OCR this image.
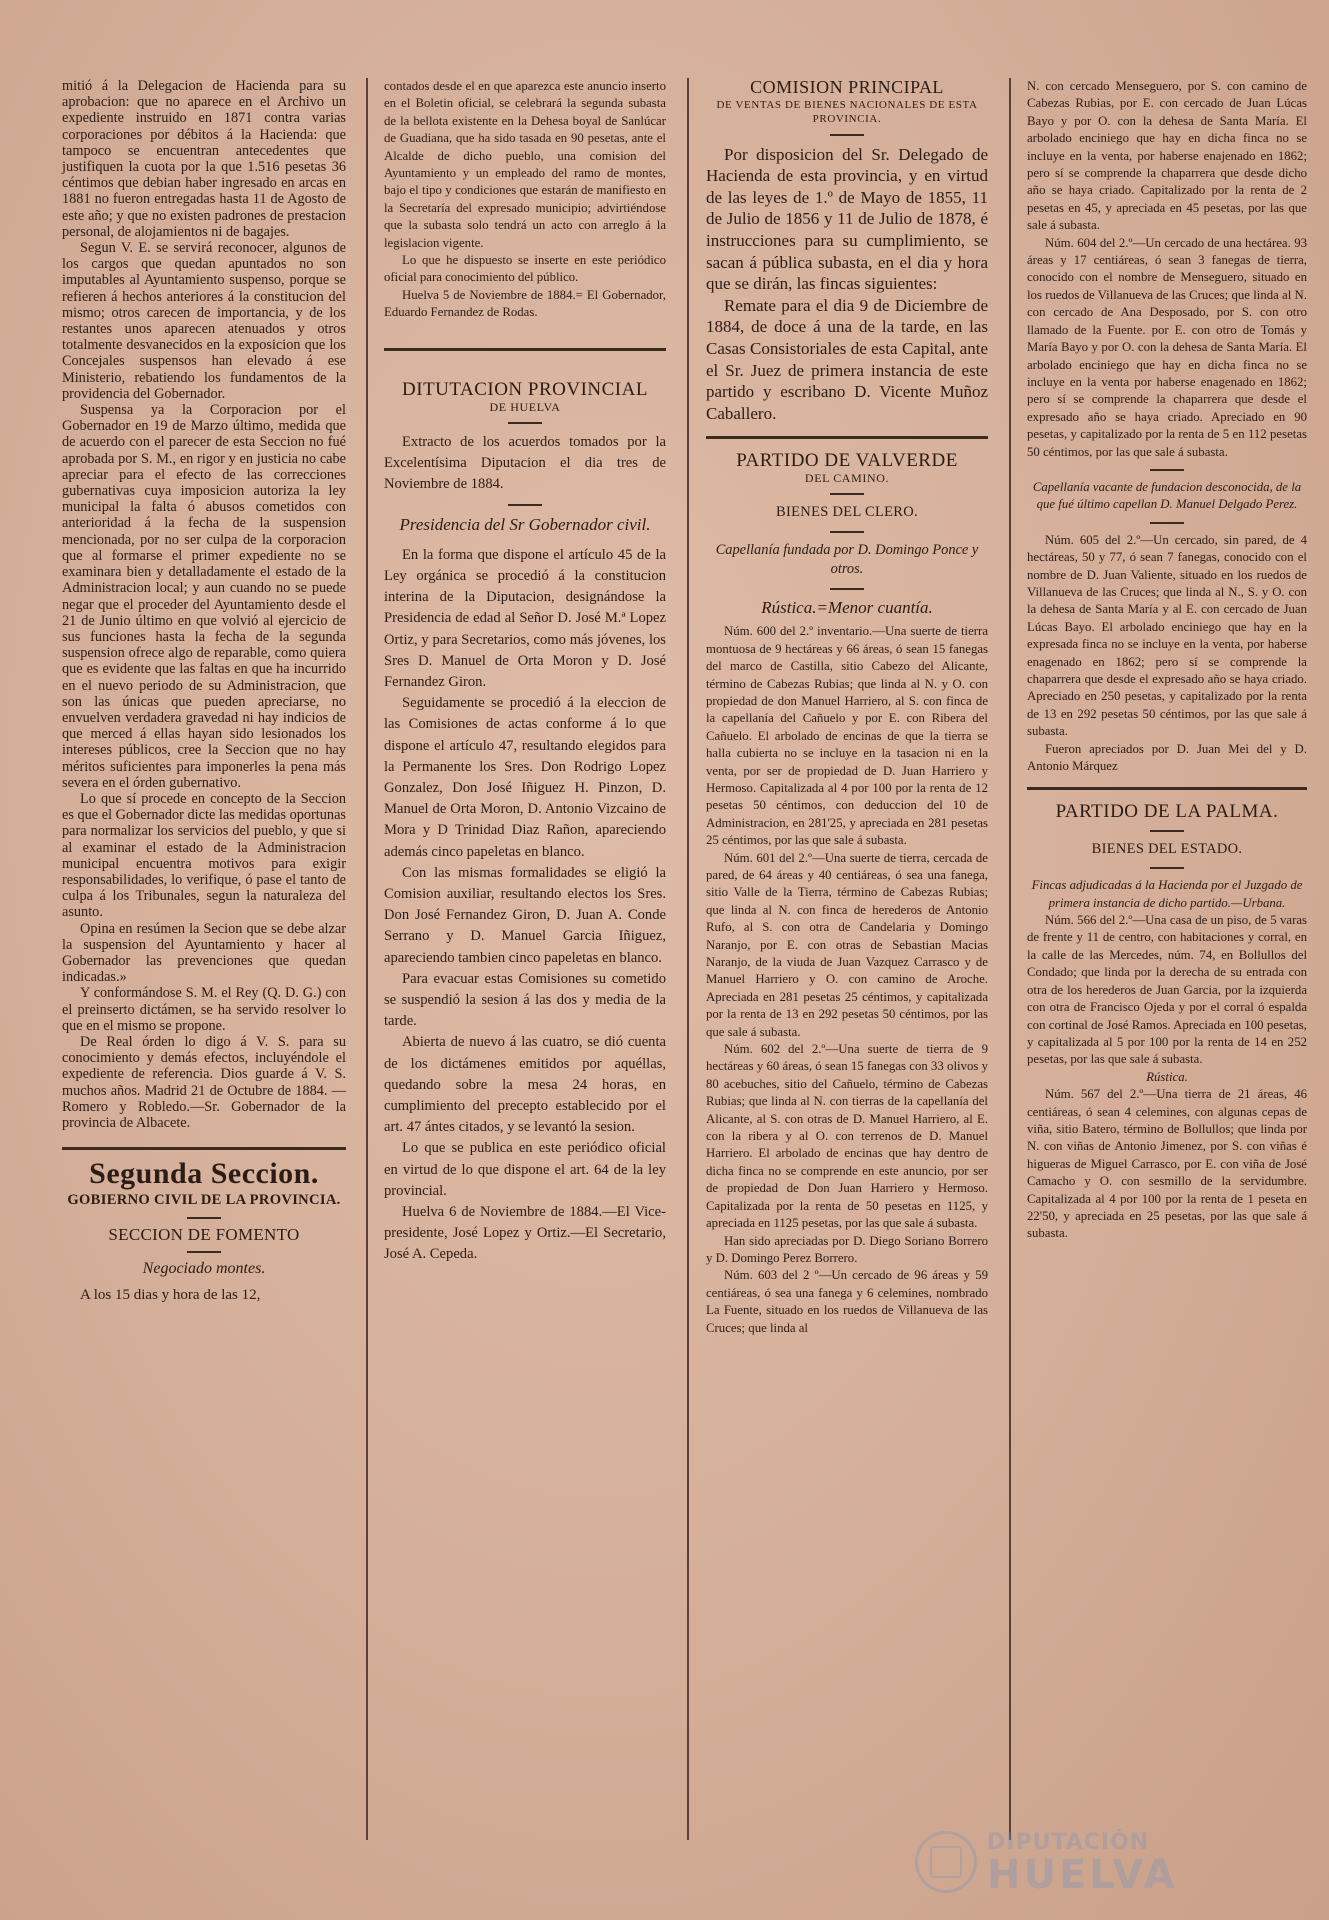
mitió á la Delegacion de Hacienda para su aprobacion: que no aparece en el Archivo un expediente instruido en 1871 contra varias corporaciones por débitos á la Hacienda: que tampoco se encuentran antecedentes que justifiquen la cuota por la que 1.516 pesetas 36 céntimos que debian haber ingresado en arcas en 1881 no fueron entregadas hasta 11 de Agosto de este año; y que no existen padrones de prestacion personal, de alojamientos ni de bagajes.

Segun V. E. se servirá reconocer, algunos de los cargos que quedan apuntados no son imputables al Ayuntamiento suspenso, porque se refieren á hechos anteriores á la constitucion del mismo; otros carecen de importancia, y de los restantes unos aparecen atenuados y otros totalmente desvanecidos en la exposicion que los Concejales suspensos han elevado á ese Ministerio, rebatiendo los fundamentos de la providencia del Gobernador.

Suspensa ya la Corporacion por el Gobernador en 19 de Marzo último, medida que de acuerdo con el parecer de esta Seccion no fué aprobada por S. M., en rigor y en justicia no cabe apreciar para el efecto de las correcciones gubernativas cuya imposicion autoriza la ley municipal la falta ó abusos cometidos con anterioridad á la fecha de la suspension mencionada, por no ser culpa de la corporacion que al formarse el primer expediente no se examinara bien y detalladamente el estado de la Administracion local; y aun cuando no se puede negar que el proceder del Ayuntamiento desde el 21 de Junio último en que volvió al ejercicio de sus funciones hasta la fecha de la segunda suspension ofrece algo de reparable, como quiera que es evidente que las faltas en que ha incurrido en el nuevo periodo de su Administracion, que son las únicas que pueden apreciarse, no envuelven verdadera gravedad ni hay indicios de que merced á ellas hayan sido lesionados los intereses públicos, cree la Seccion que no hay méritos suficientes para imponerles la pena más severa en el órden gubernativo.

Lo que sí procede en concepto de la Seccion es que el Gobernador dicte las medidas oportunas para normalizar los servicios del pueblo, y que si al examinar el estado de la Administracion municipal encuentra motivos para exigir responsabilidades, lo verifique, ó pase el tanto de culpa á los Tribunales, segun la naturaleza del asunto.

Opina en resúmen la Secion que se debe alzar la suspension del Ayuntamiento y hacer al Gobernador las prevenciones que quedan indicadas.»

Y conformándose S. M. el Rey (Q. D. G.) con el preinserto dictámen, se ha servido resolver lo que en el mismo se propone.

De Real órden lo digo á V. S. para su conocimiento y demás efectos, incluyéndole el expediente de referencia. Dios guarde á V. S. muchos años. Madrid 21 de Octubre de 1884. —Romero y Robledo.—Sr. Gobernador de la provincia de Albacete.

Segunda Seccion.

GOBIERNO CIVIL DE LA PROVINCIA.

SECCION DE FOMENTO

Negociado montes.

A los 15 dias y hora de las 12,

contados desde el en que aparezca este anuncio inserto en el Boletin oficial, se celebrará la segunda subasta de la bellota existente en la Dehesa boyal de Sanlúcar de Guadiana, que ha sido tasada en 90 pesetas, ante el Alcalde de dicho pueblo, una comision del Ayuntamiento y un empleado del ramo de montes, bajo el tipo y condiciones que estarán de manifiesto en la Secretaría del expresado municipio; advirtiéndose que la subasta solo tendrá un acto con arreglo á la legislacion vigente.

Lo que he dispuesto se inserte en este periódico oficial para conocimiento del público.

Huelva 5 de Noviembre de 1884.= El Gobernador, Eduardo Fernandez de Rodas.

DITUTACION PROVINCIAL

DE HUELVA

Extracto de los acuerdos tomados por la Excelentísima Diputacion el dia tres de Noviembre de 1884.

Presidencia del Sr Gobernador civil.

En la forma que dispone el artículo 45 de la Ley orgánica se procedió á la constitucion interina de la Diputacion, designándose la Presidencia de edad al Señor D. José M.ª Lopez Ortiz, y para Secretarios, como más jóvenes, los Sres D. Manuel de Orta Moron y D. José Fernandez Giron.

Seguidamente se procedió á la eleccion de las Comisiones de actas conforme á lo que dispone el artículo 47, resultando elegidos para la Permanente los Sres. Don Rodrigo Lopez Gonzalez, Don José Iñiguez H. Pinzon, D. Manuel de Orta Moron, D. Antonio Vizcaino de Mora y D Trinidad Diaz Rañon, apareciendo además cinco papeletas en blanco.

Con las mismas formalidades se eligió la Comision auxiliar, resultando electos los Sres. Don José Fernandez Giron, D. Juan A. Conde Serrano y D. Manuel Garcia Iñiguez, apareciendo tambien cinco papeletas en blanco.

Para evacuar estas Comisiones su cometido se suspendió la sesion á las dos y media de la tarde.

Abierta de nuevo á las cuatro, se dió cuenta de los dictámenes emitidos por aquéllas, quedando sobre la mesa 24 horas, en cumplimiento del precepto establecido por el art. 47 ántes citados, y se levantó la sesion.

Lo que se publica en este periódico oficial en virtud de lo que dispone el art. 64 de la ley provincial.

Huelva 6 de Noviembre de 1884.—El Vice-presidente, José Lopez y Ortiz.—El Secretario, José A. Cepeda.

COMISION PRINCIPAL

DE VENTAS DE BIENES NACIONALES DE ESTA PROVINCIA.

Por disposicion del Sr. Delegado de Hacienda de esta provincia, y en virtud de las leyes de 1.º de Mayo de 1855, 11 de Julio de 1856 y 11 de Julio de 1878, é instrucciones para su cumplimiento, se sacan á pública subasta, en el dia y hora que se dirán, las fincas siguientes:

Remate para el dia 9 de Diciembre de 1884, de doce á una de la tarde, en las Casas Consistoriales de esta Capital, ante el Sr. Juez de primera instancia de este partido y escribano D. Vicente Muñoz Caballero.

PARTIDO DE VALVERDE

DEL CAMINO.

BIENES DEL CLERO.

Capellanía fundada por D. Domingo Ponce y otros.

Rústica.=Menor cuantía.

Núm. 600 del 2.º inventario.—Una suerte de tierra montuosa de 9 hectáreas y 66 áreas, ó sean 15 fanegas del marco de Castilla, sitio Cabezo del Alicante, término de Cabezas Rubias; que linda al N. y O. con propiedad de don Manuel Harriero, al S. con finca de la capellanía del Cañuelo y por E. con Ribera del Cañuelo. El arbolado de encinas de que la tierra se halla cubierta no se incluye en la tasacion ni en la venta, por ser de propiedad de D. Juan Harriero y Hermoso. Capitalizada al 4 por 100 por la renta de 12 pesetas 50 céntimos, con deduccion del 10 de Administracion, en 281'25, y apreciada en 281 pesetas 25 céntimos, por las que sale á subasta.

Núm. 601 del 2.º—Una suerte de tierra, cercada de pared, de 64 áreas y 40 centiáreas, ó sea una fanega, sitio Valle de la Tierra, término de Cabezas Rubias; que linda al N. con finca de herederos de Antonio Rufo, al S. con otra de Candelaria y Domingo Naranjo, por E. con otras de Sebastian Macias Naranjo, de la viuda de Juan Vazquez Carrasco y de Manuel Harriero y O. con camino de Aroche. Apreciada en 281 pesetas 25 céntimos, y capitalizada por la renta de 13 en 292 pesetas 50 céntimos, por las que sale á subasta.

Núm. 602 del 2.º—Una suerte de tierra de 9 hectáreas y 60 áreas, ó sean 15 fanegas con 33 olivos y 80 acebuches, sitio del Cañuelo, término de Cabezas Rubias; que linda al N. con tierras de la capellanía del Alicante, al S. con otras de D. Manuel Harriero, al E. con la ribera y al O. con terrenos de D. Manuel Harriero. El arbolado de encinas que hay dentro de dicha finca no se comprende en este anuncio, por ser de propiedad de Don Juan Harriero y Hermoso. Capitalizada por la renta de 50 pesetas en 1125, y apreciada en 1125 pesetas, por las que sale á subasta.

Han sido apreciadas por D. Diego Soriano Borrero y D. Domingo Perez Borrero.

Núm. 603 del 2 º—Un cercado de 96 áreas y 59 centiáreas, ó sea una fanega y 6 celemines, nombrado La Fuente, situado en los ruedos de Villanueva de las Cruces; que linda al

N. con cercado Menseguero, por S. con camino de Cabezas Rubias, por E. con cercado de Juan Lúcas Bayo y por O. con la dehesa de Santa María. El arbolado enciniego que hay en dicha finca no se incluye en la venta, por haberse enajenado en 1862; pero sí se comprende la chaparrera que desde dicho año se haya criado. Capitalizado por la renta de 2 pesetas en 45, y apreciada en 45 pesetas, por las que sale á subasta.

Núm. 604 del 2.º—Un cercado de una hectárea. 93 áreas y 17 centiáreas, ó sean 3 fanegas de tierra, conocido con el nombre de Menseguero, situado en los ruedos de Villanueva de las Cruces; que linda al N. con cercado de Ana Desposado, por S. con otro llamado de la Fuente. por E. con otro de Tomás y María Bayo y por O. con la dehesa de Santa María. El arbolado enciniego que hay en dicha finca no se incluye en la venta por haberse enagenado en 1862; pero sí se comprende la chaparrera que desde el expresado año se haya criado. Apreciado en 90 pesetas, y capitalizado por la renta de 5 en 112 pesetas 50 céntimos, por las que sale á subasta.

Capellanía vacante de fundacion desconocida, de la que fué último capellan D. Manuel Delgado Perez.

Núm. 605 del 2.º—Un cercado, sin pared, de 4 hectáreas, 50 y 77, ó sean 7 fanegas, conocido con el nombre de D. Juan Valiente, situado en los ruedos de Villanueva de las Cruces; que linda al N., S. y O. con la dehesa de Santa María y al E. con cercado de Juan Lúcas Bayo. El arbolado enciniego que hay en la expresada finca no se incluye en la venta, por haberse enagenado en 1862; pero sí se comprende la chaparrera que desde el expresado año se haya criado. Apreciado en 250 pesetas, y capitalizado por la renta de 13 en 292 pesetas 50 céntimos, por las que sale á subasta.

Fueron apreciados por D. Juan Mei del y D. Antonio Márquez

PARTIDO DE LA PALMA.

BIENES DEL ESTADO.

Fincas adjudicadas á la Hacienda por el Juzgado de primera instancia de dicho partido.—Urbana.

Núm. 566 del 2.º—Una casa de un piso, de 5 varas de frente y 11 de centro, con habitaciones y corral, en la calle de las Mercedes, núm. 74, en Bollullos del Condado; que linda por la derecha de su entrada con otra de los herederos de Juan Garcia, por la izquierda con otra de Francisco Ojeda y por el corral ó espalda con cortinal de José Ramos. Apreciada en 100 pesetas, y capitalizada al 5 por 100 por la renta de 14 en 252 pesetas, por las que sale á subasta.

Rústica.

Núm. 567 del 2.º—Una tierra de 21 áreas, 46 centiáreas, ó sean 4 celemines, con algunas cepas de viña, sitio Batero, término de Bollullos; que linda por N. con viñas de Antonio Jimenez, por S. con viñas é higueras de Miguel Carrasco, por E. con viña de José Camacho y O. con sesmillo de la servidumbre. Capitalizada al 4 por 100 por la renta de 1 peseta en 22'50, y apreciada en 25 pesetas, por las que sale á subasta.

DIPUTACIÓN
HUELVA
